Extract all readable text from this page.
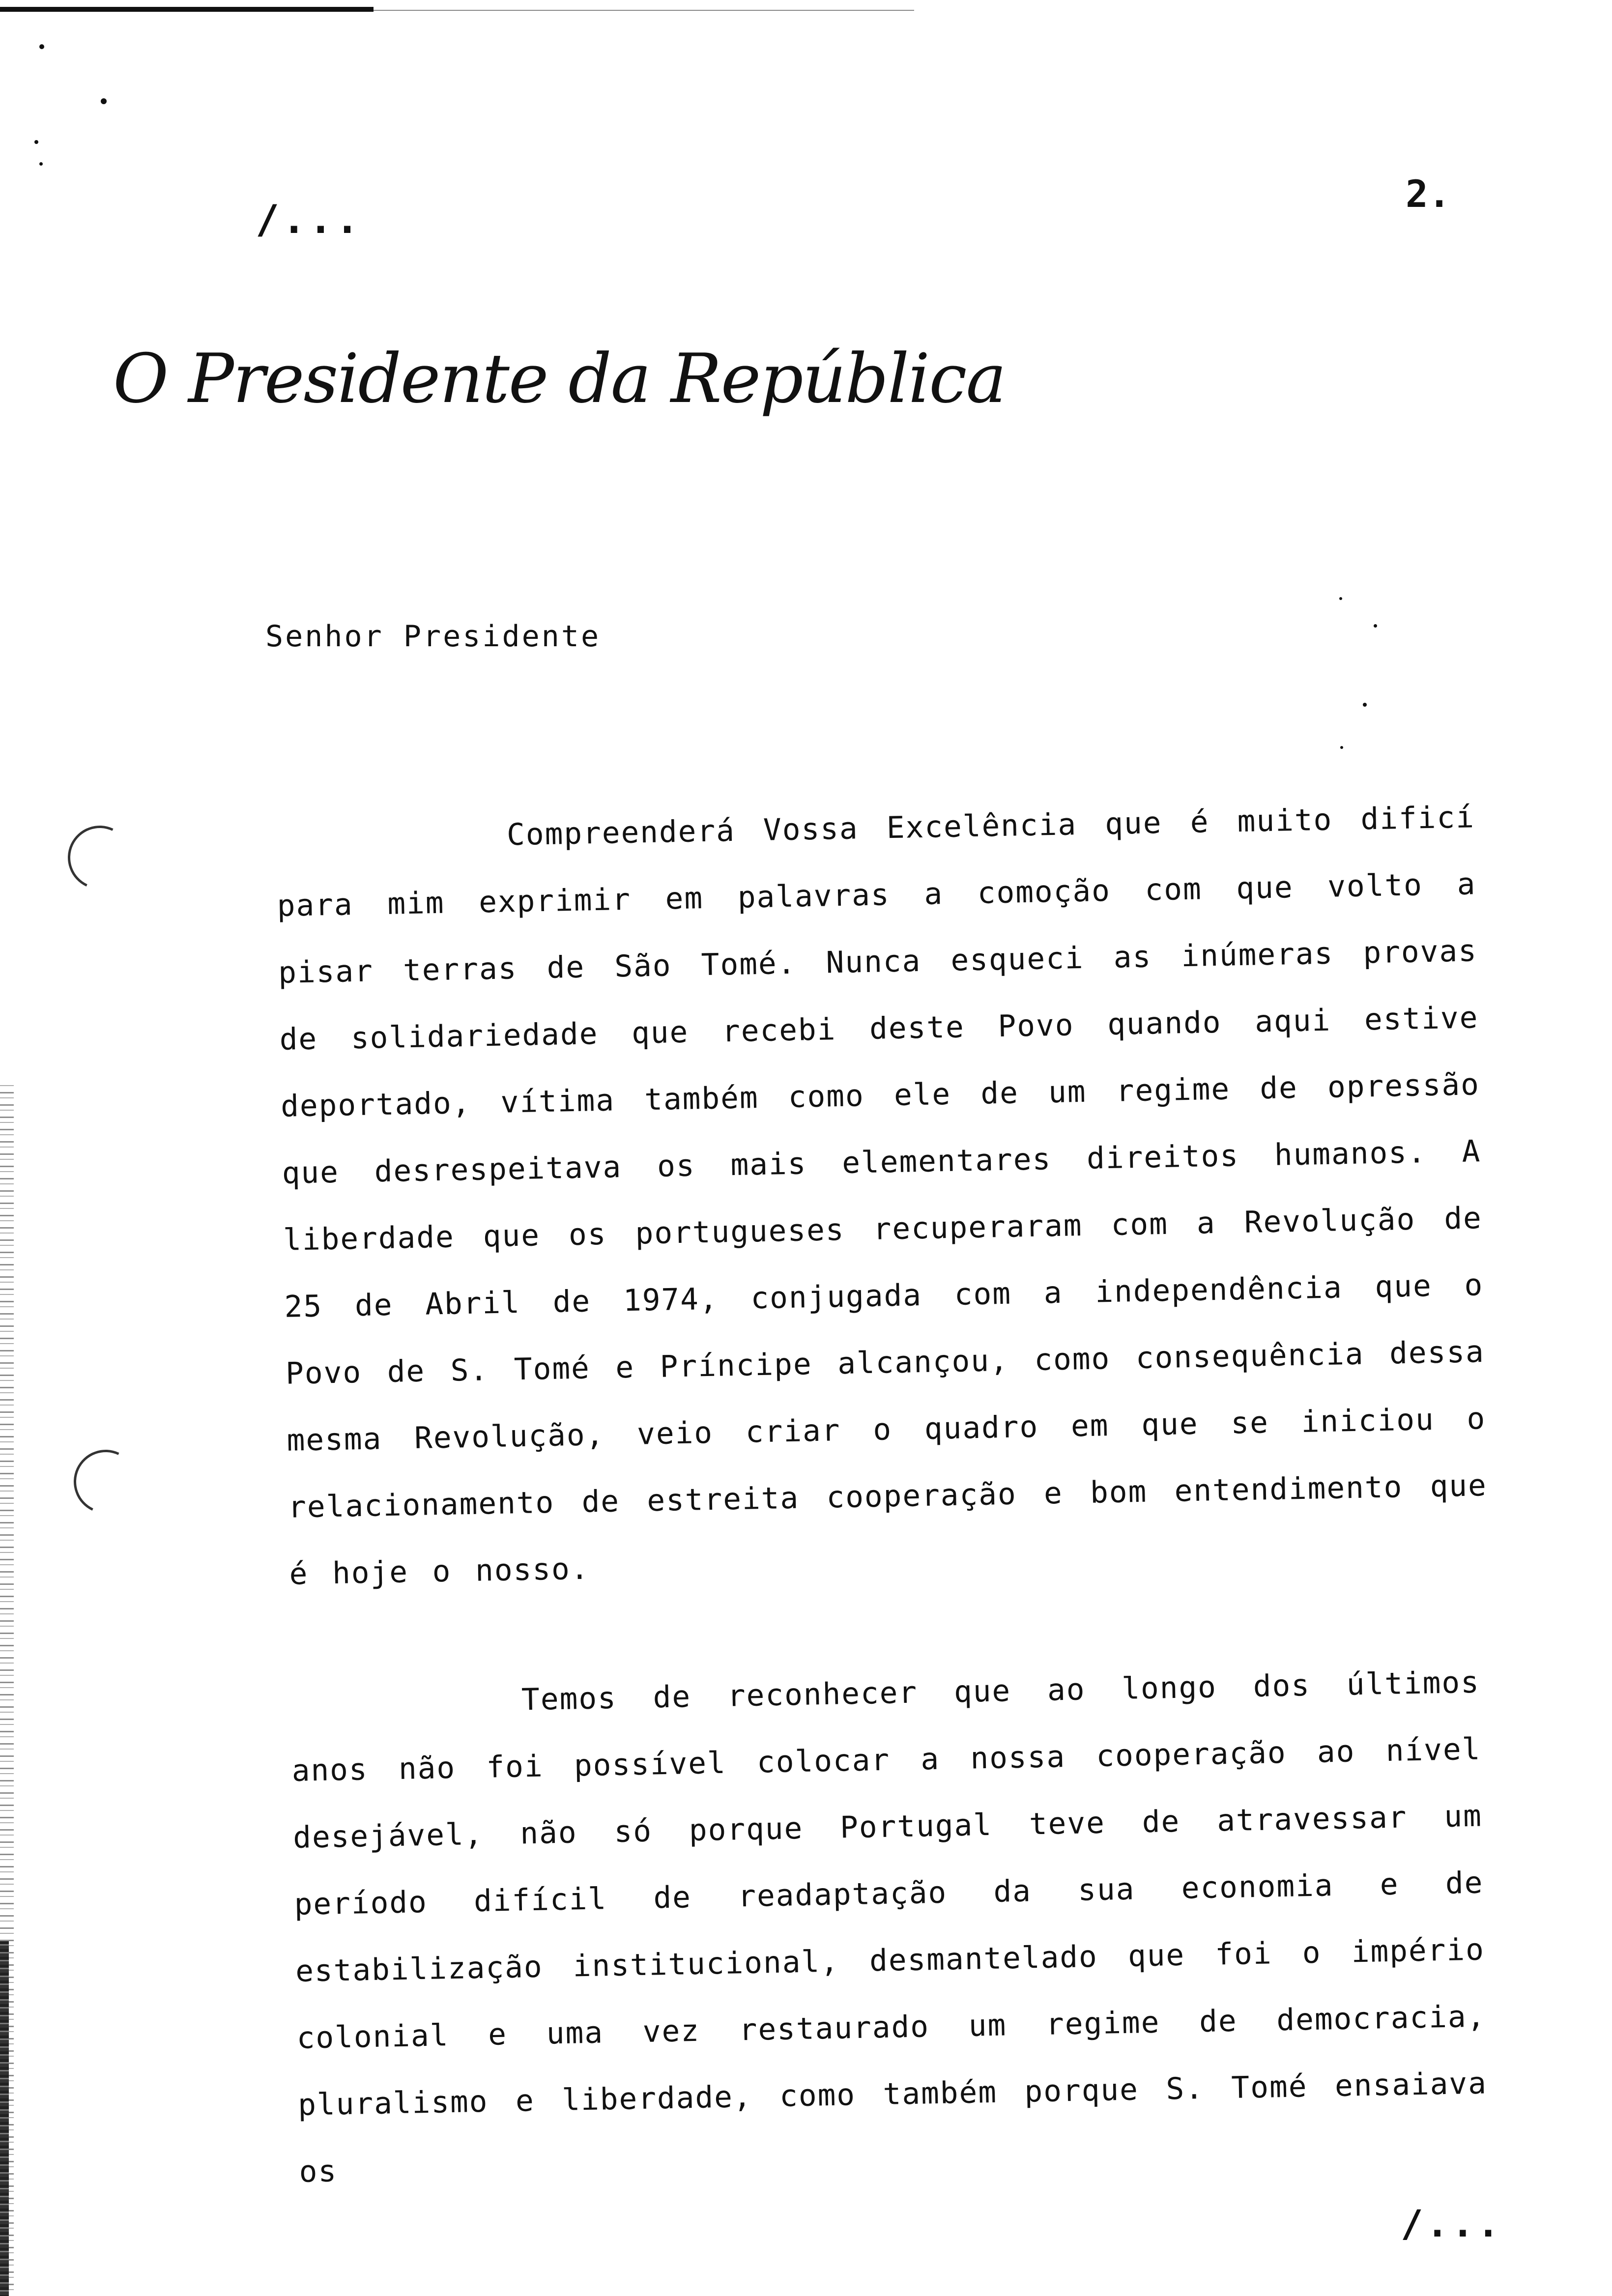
/...
2.
O Presidente da República
Senhor Presidente
Compreenderá Vossa Excelência que é muito dificí para mim exprimir em palavras a comoção com que volto a pisar terras de São Tomé. Nunca esqueci as inúmeras provas de solidariedade que recebi deste Povo quando aqui estive deportado, vítima também como ele de um regime de opressão que desrespeitava os mais elementares direitos humanos. A liberdade que os portugueses recuperaram com a Revolução de 25 de Abril de 1974, conjugada com a independência que o Povo de S. Tomé e Príncipe alcançou, como consequência dessa mesma Revolução, veio criar o quadro em que se iniciou o relacionamento de estreita cooperação e bom entendimento que é hoje o nosso.
Temos de reconhecer que ao longo dos últimos anos não foi possível colocar a nossa cooperação ao nível desejável, não só porque Portugal teve de atravessar um período difícil de readaptação da sua economia e de estabilização institucional, desmantelado que foi o império colonial e uma vez restaurado um regime de democracia, pluralismo e liberdade, como também porque S. Tomé ensaiava os
/...
